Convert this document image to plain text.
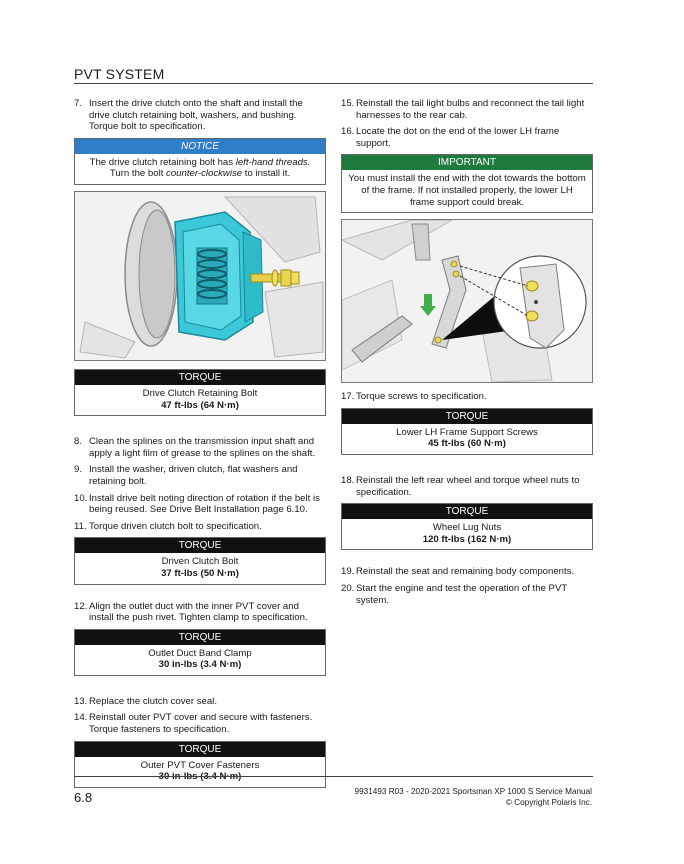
PVT SYSTEM
7. Insert the drive clutch onto the shaft and install the drive clutch retaining bolt, washers, and bushing. Torque bolt to specification.
NOTICE
The drive clutch retaining bolt has left-hand threads. Turn the bolt counter-clockwise to install it.
TORQUE
Drive Clutch Retaining Bolt
47 ft-lbs (64 N·m)
8. Clean the splines on the transmission input shaft and apply a light film of grease to the splines on the shaft.
9. Install the washer, driven clutch, flat washers and retaining bolt.
10. Install drive belt noting direction of rotation if the belt is being reused. See Drive Belt Installation page 6.10.
11. Torque driven clutch bolt to specification.
TORQUE
Driven Clutch Bolt
37 ft-lbs (50 N·m)
12. Align the outlet duct with the inner PVT cover and install the push rivet. Tighten clamp to specification.
TORQUE
Outlet Duct Band Clamp
30 in-lbs (3.4 N·m)
13. Replace the clutch cover seal.
14. Reinstall outer PVT cover and secure with fasteners. Torque fasteners to specification.
TORQUE
Outer PVT Cover Fasteners
15. Reinstall the tail light bulbs and reconnect the tail light harnesses to the rear cab.
16. Locate the dot on the end of the lower LH frame support.
IMPORTANT
You must install the end with the dot towards the bottom of the frame. If not installed properly, the lower LH frame support could break.
17. Torque screws to specification.
TORQUE
Lower LH Frame Support Screws
45 ft-lbs (60 N·m)
18. Reinstall the left rear wheel and torque wheel nuts to specification.
TORQUE
Wheel Lug Nuts
120 ft-lbs (162 N·m)
19. Reinstall the seat and remaining body components.
20. Start the engine and test the operation of the PVT system.
6.8	9931493 R03 - 2020-2021 Sportsman XP 1000 S Service Manual
© Copyright Polaris Inc.
